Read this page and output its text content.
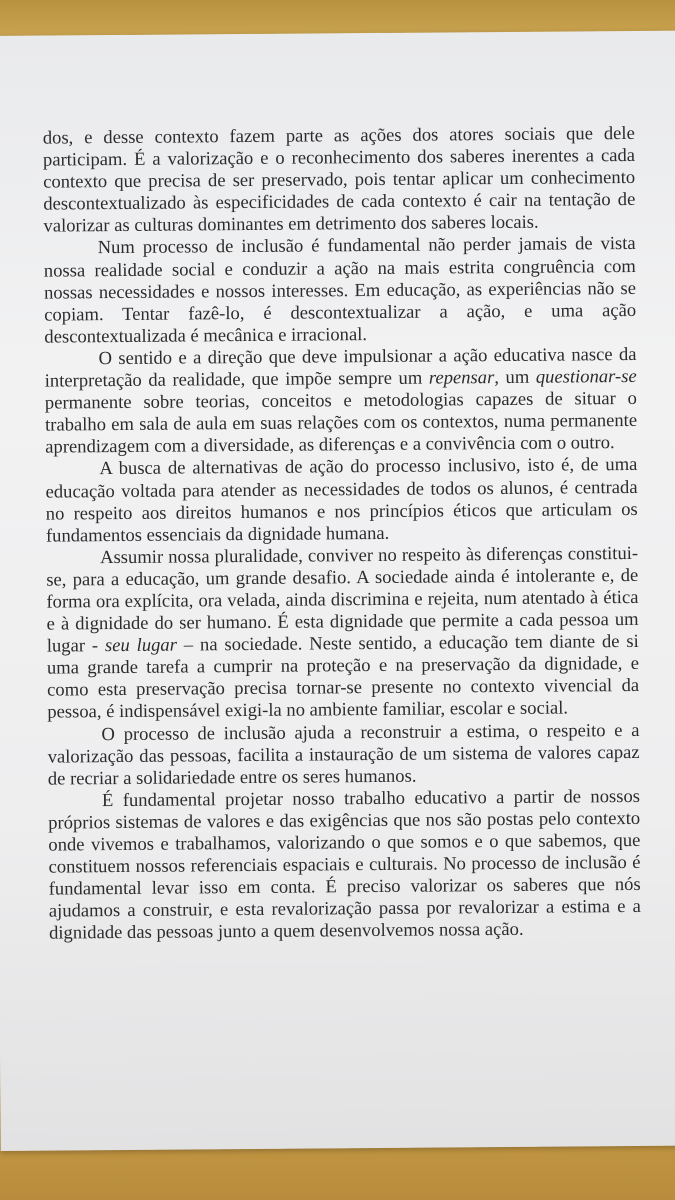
dos, e desse contexto fazem parte as ações dos atores sociais que dele participam. É a valorização e o reconhecimento dos saberes inerentes a cada contexto que precisa de ser preservado, pois tentar aplicar um conhecimento descontextualizado às especificidades de cada contexto é cair na tentação de valorizar as culturas dominantes em detrimento dos saberes locais.

Num processo de inclusão é fundamental não perder jamais de vista nossa realidade social e conduzir a ação na mais estrita congruência com nossas necessidades e nossos interesses. Em educação, as experiências não se copiam. Tentar fazê-lo, é descontextualizar a ação, e uma ação descontextualizada é mecânica e irracional.

O sentido e a direção que deve impulsionar a ação educativa nasce da interpretação da realidade, que impõe sempre um repensar, um questionar-se permanente sobre teorias, conceitos e metodologias capazes de situar o trabalho em sala de aula em suas relações com os contextos, numa permanente aprendizagem com a diversidade, as diferenças e a convivência com o outro.

A busca de alternativas de ação do processo inclusivo, isto é, de uma educação voltada para atender as necessidades de todos os alunos, é centrada no respeito aos direitos humanos e nos princípios éticos que articulam os fundamentos essenciais da dignidade humana.

Assumir nossa pluralidade, conviver no respeito às diferenças constitui-se, para a educação, um grande desafio. A sociedade ainda é intolerante e, de forma ora explícita, ora velada, ainda discrimina e rejeita, num atentado à ética e à dignidade do ser humano. É esta dignidade que permite a cada pessoa um lugar - seu lugar – na sociedade. Neste sentido, a educação tem diante de si uma grande tarefa a cumprir na proteção e na preservação da dignidade, e como esta preservação precisa tornar-se presente no contexto vivencial da pessoa, é indispensável exigi-la no ambiente familiar, escolar e social.

O processo de inclusão ajuda a reconstruir a estima, o respeito e a valorização das pessoas, facilita a instauração de um sistema de valores capaz de recriar a solidariedade entre os seres humanos.

É fundamental projetar nosso trabalho educativo a partir de nossos próprios sistemas de valores e das exigências que nos são postas pelo contexto onde vivemos e trabalhamos, valorizando o que somos e o que sabemos, que constituem nossos referenciais espaciais e culturais. No processo de inclusão é fundamental levar isso em conta. É preciso valorizar os saberes que nós ajudamos a construir, e esta revalorização passa por revalorizar a estima e a dignidade das pessoas junto a quem desenvolvemos nossa ação.
